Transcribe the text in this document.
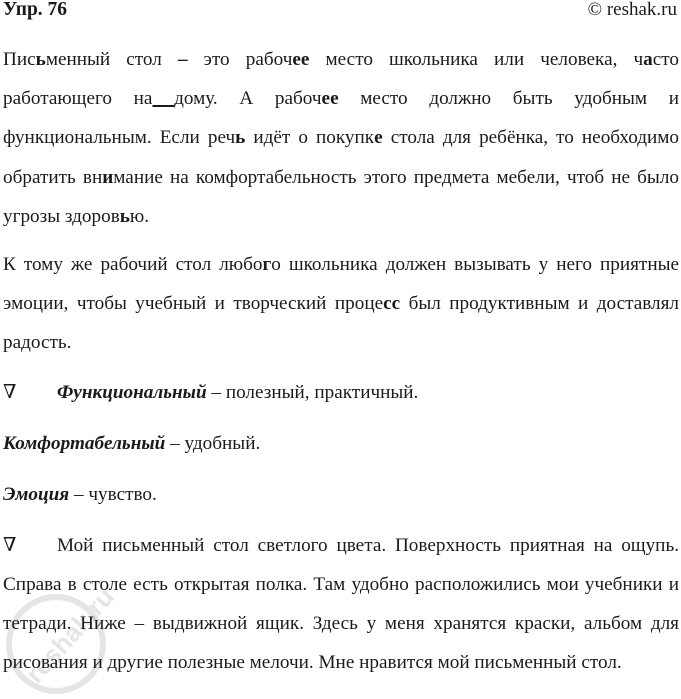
Упр. 76	© reshak.ru

Письменный стол – это рабочее место школьника или человека, часто работающего на дому. А рабочее место должно быть удобным и функциональным. Если речь идёт о покупке стола для ребёнка, то необходимо обратить внимание на комфортабельность этого предмета мебели, чтоб не было угрозы здоровью.

К тому же рабочий стол любого школьника должен вызывать у него приятные эмоции, чтобы учебный и творческий процесс был продуктивным и доставлял радость.

∇ Функциональный – полезный, практичный.
Комфортабельный – удобный.
Эмоция – чувство.

∇ Мой письменный стол светлого цвета. Поверхность приятная на ощупь. Справа в столе есть открытая полка. Там удобно расположились мои учебники и тетради. Ниже – выдвижной ящик. Здесь у меня хранятся краски, альбом для рисования и другие полезные мелочи. Мне нравится мой письменный стол.

reshak.ru
